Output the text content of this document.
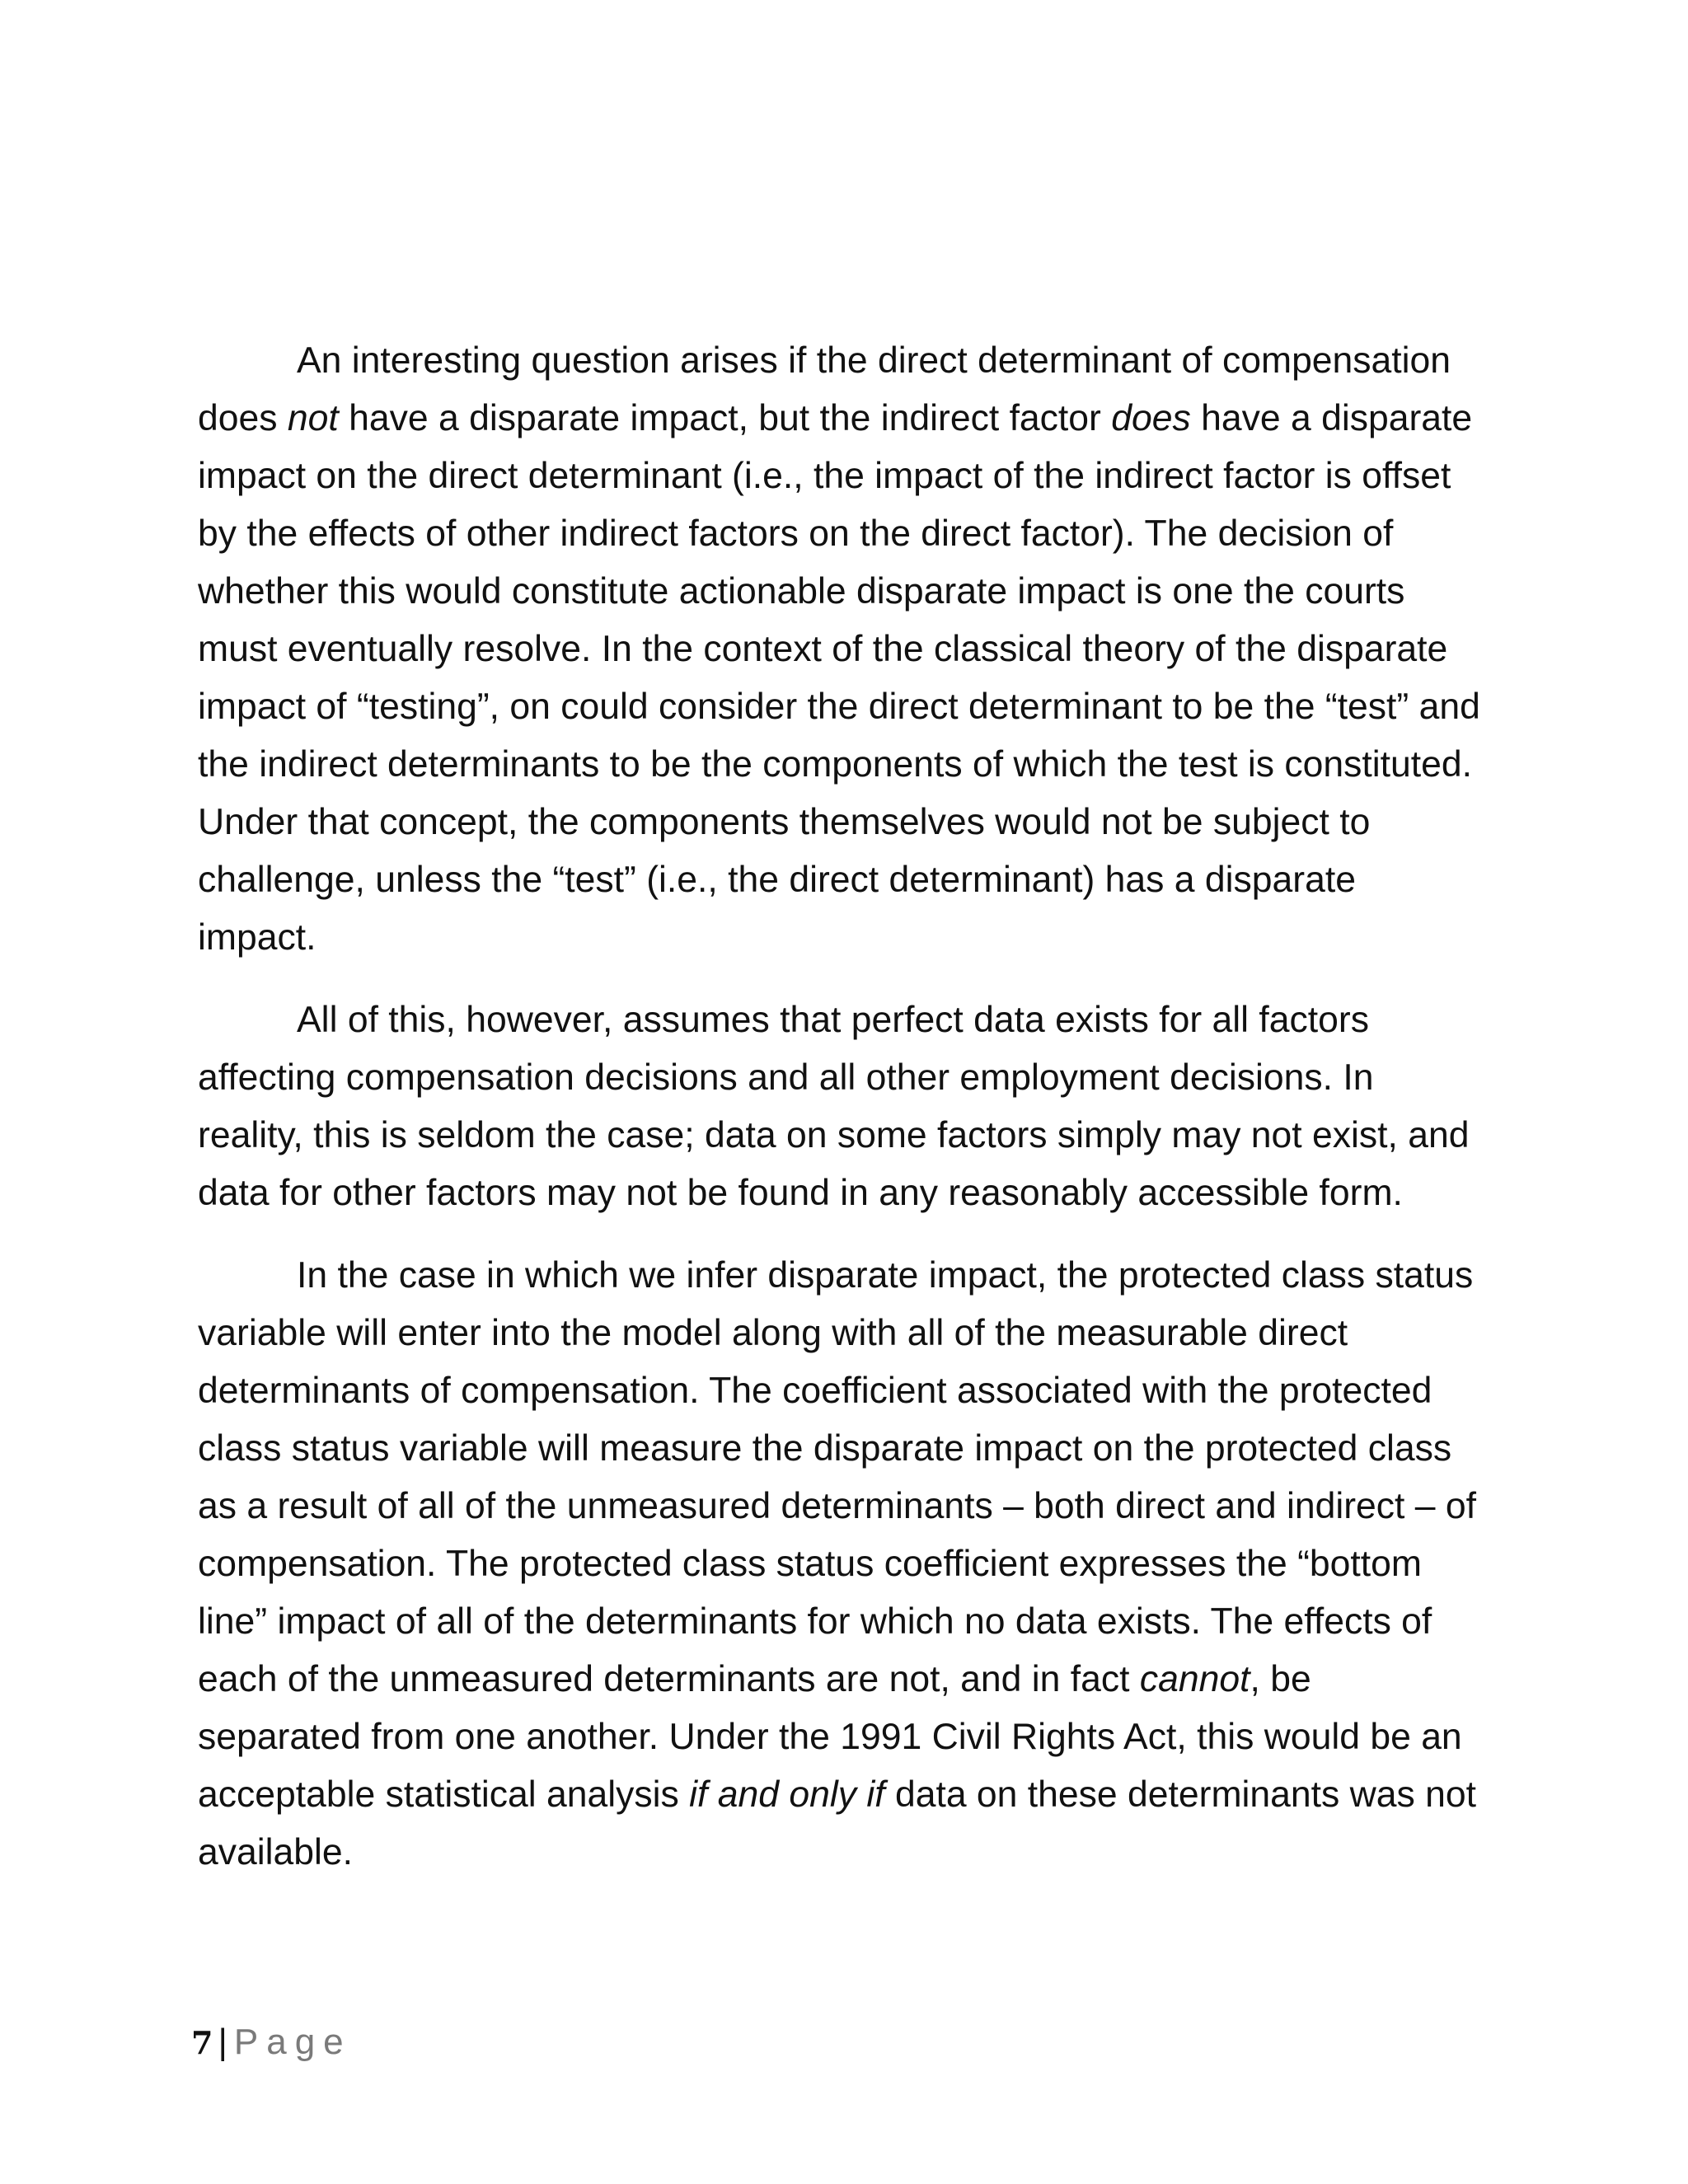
An interesting question arises if the direct determinant of compensation does not have a disparate impact, but the indirect factor does have a disparate impact on the direct determinant (i.e., the impact of the indirect factor is offset by the effects of other indirect factors on the direct factor). The decision of whether this would constitute actionable disparate impact is one the courts must eventually resolve. In the context of the classical theory of the disparate impact of “testing”, on could consider the direct determinant to be the “test” and the indirect determinants to be the components of which the test is constituted. Under that concept, the components themselves would not be subject to challenge, unless the “test” (i.e., the direct determinant) has a disparate impact.

All of this, however, assumes that perfect data exists for all factors affecting compensation decisions and all other employment decisions. In reality, this is seldom the case; data on some factors simply may not exist, and data for other factors may not be found in any reasonably accessible form.

In the case in which we infer disparate impact, the protected class status variable will enter into the model along with all of the measurable direct determinants of compensation. The coefficient associated with the protected class status variable will measure the disparate impact on the protected class as a result of all of the unmeasured determinants – both direct and indirect – of compensation. The protected class status coefficient expresses the “bottom line” impact of all of the determinants for which no data exists. The effects of each of the unmeasured determinants are not, and in fact cannot, be separated from one another. Under the 1991 Civil Rights Act, this would be an acceptable statistical analysis if and only if data on these determinants was not available.

7 | Page
